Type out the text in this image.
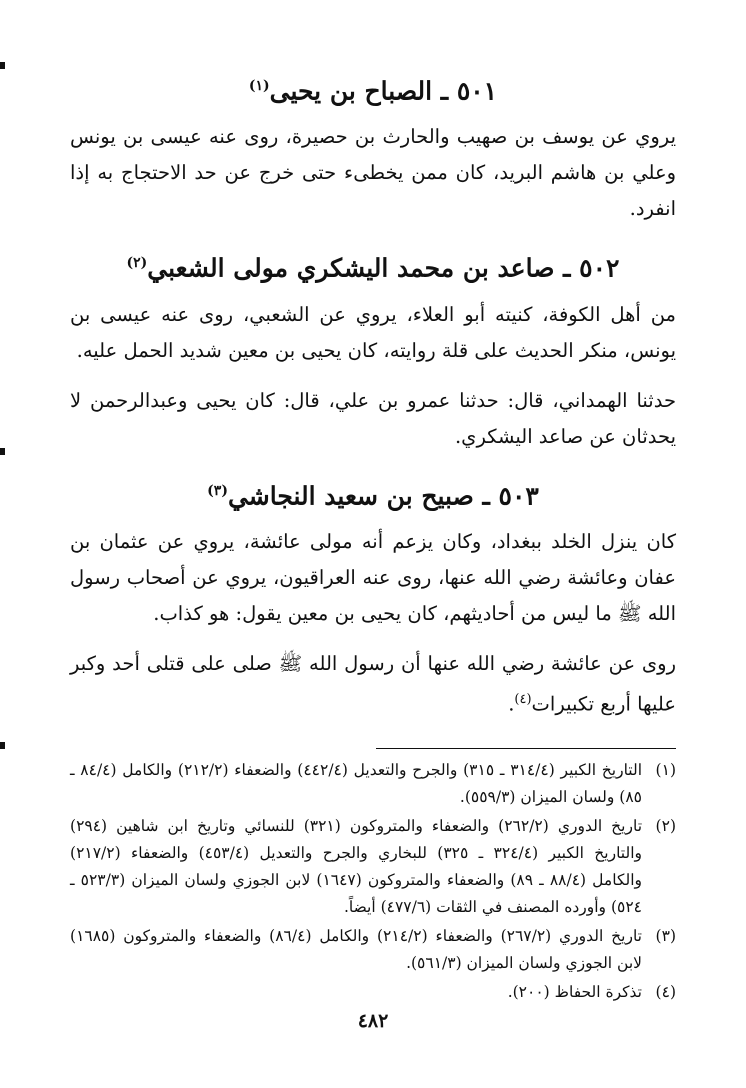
٥٠١ ـ الصباح بن يحيى$^{(١)}$

يروي عن يوسف بن صهيب والحارث بن حصيرة، روى عنه عيسى بن يونس وعلي بن هاشم البريد، كان ممن يخطىء حتى خرج عن حد الاحتجاج به إذا انفرد.

٥٠٢ ـ صاعد بن محمد اليشكري مولى الشعبي$^{(٢)}$

من أهل الكوفة، كنيته أبو العلاء، يروي عن الشعبي، روى عنه عيسى بن يونس، منكر الحديث على قلة روايته، كان يحيى بن معين شديد الحمل عليه.

حدثنا الهمداني، قال: حدثنا عمرو بن علي، قال: كان يحيى وعبدالرحمن لا يحدثان عن صاعد اليشكري.

٥٠٣ ـ صبيح بن سعيد النجاشي$^{(٣)}$

كان ينزل الخلد ببغداد، وكان يزعم أنه مولى عائشة، يروي عن عثمان بن عفان وعائشة رضي الله عنها، روى عنه العراقيون، يروي عن أصحاب رسول الله ﷺ ما ليس من أحاديثهم، كان يحيى بن معين يقول: هو كذاب.

روى عن عائشة رضي الله عنها أن رسول الله ﷺ صلى على قتلى أحد وكبر عليها أربع تكبيرات$^{(٤)}$.

(١)
التاريخ الكبير (٣١٤/٤ ـ ٣١٥) والجرح والتعديل (٤٤٢/٤) والضعفاء (٢١٢/٢) والكامل (٨٤/٤ ـ ٨٥) ولسان الميزان (٥٥٩/٣).
(٢)
تاريخ الدوري (٢٦٢/٢) والضعفاء والمتروكون (٣٢١) للنسائي وتاريخ ابن شاهين (٢٩٤) والتاريخ الكبير (٣٢٤/٤ ـ ٣٢٥) للبخاري والجرح والتعديل (٤٥٣/٤) والضعفاء (٢١٧/٢) والكامل (٨٨/٤ ـ ٨٩) والضعفاء والمتروكون (١٦٤٧) لابن الجوزي ولسان الميزان (٥٢٣/٣ ـ ٥٢٤) وأورده المصنف في الثقات (٤٧٧/٦) أيضاً.
(٣)
تاريخ الدوري (٢٦٧/٢) والضعفاء (٢١٤/٢) والكامل (٨٦/٤) والضعفاء والمتروكون (١٦٨٥) لابن الجوزي ولسان الميزان (٥٦١/٣).
(٤)
تذكرة الحفاظ (٢٠٠).
٤٨٢
